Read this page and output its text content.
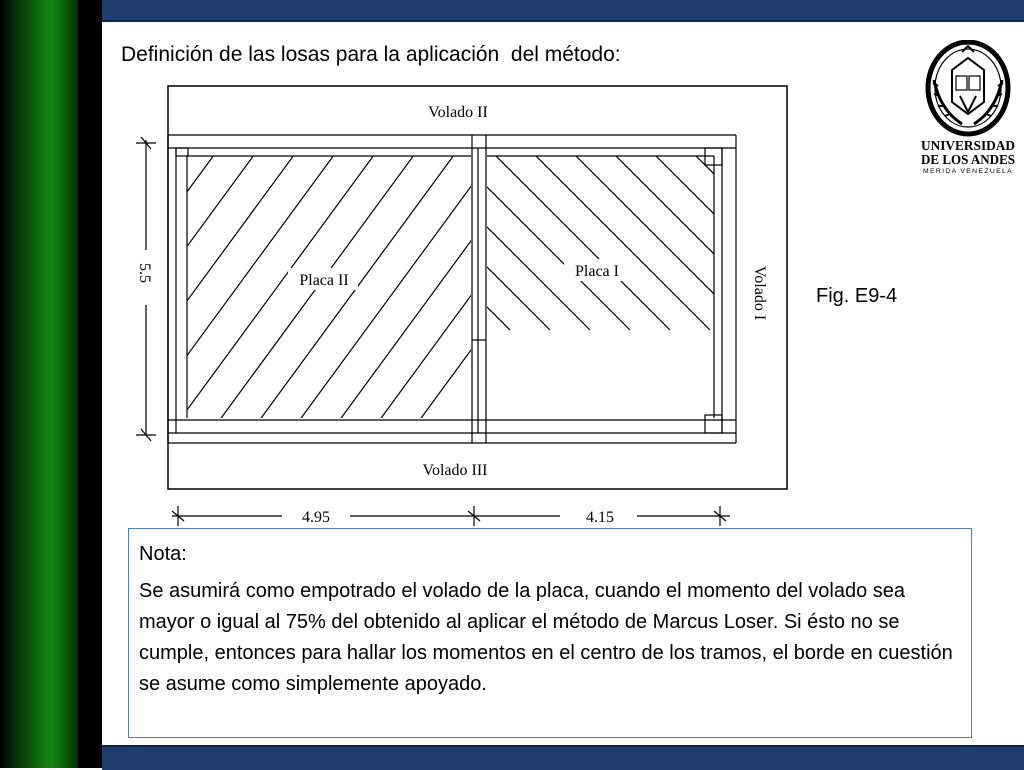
Definición de las losas para la aplicación  del método:
Volado II
Volado III
Volado I
Placa II
Placa I
5.5
4.95	4.15
Fig. E9-4
UNIVERSIDAD
DE LOS ANDES
MERIDA VENEZUELA

Nota:

Se asumirá como empotrado el volado de la placa, cuando el momento del volado sea mayor o igual al 75% del obtenido al aplicar el método de Marcus Loser. Si ésto no se cumple, entonces para hallar los momentos en el centro de los tramos, el borde en cuestión se asume como simplemente apoyado.
